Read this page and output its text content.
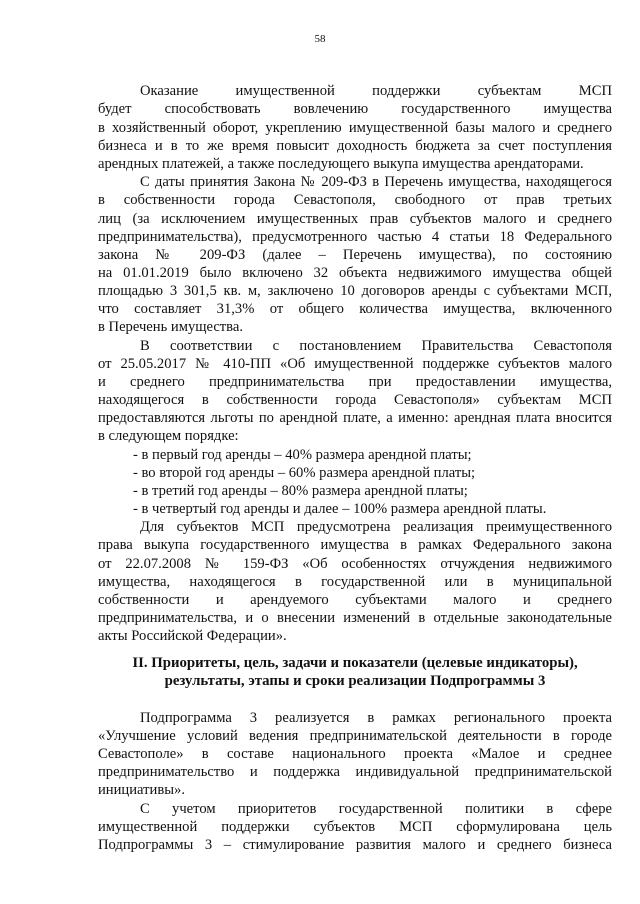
58
Оказание имущественной поддержки субъектам МСП
будет способствовать вовлечению государственного имущества
в хозяйственный оборот, укреплению имущественной базы малого и среднего
бизнеса и в то же время повысит доходность бюджета за счет поступления
арендных платежей, а также последующего выкупа имущества арендаторами.
С даты принятия Закона № 209-ФЗ в Перечень имущества, находящегося
в собственности города Севастополя, свободного от прав третьих
лиц (за исключением имущественных прав субъектов малого и среднего
предпринимательства), предусмотренного частью 4 статьи 18 Федерального
закона № 209-ФЗ (далее – Перечень имущества), по состоянию
на 01.01.2019 было включено 32 объекта недвижимого имущества общей
площадью 3 301,5 кв. м, заключено 10 договоров аренды с субъектами МСП,
что составляет 31,3% от общего количества имущества, включенного
в Перечень имущества.
В соответствии с постановлением Правительства Севастополя
от 25.05.2017 № 410-ПП «Об имущественной поддержке субъектов малого
и среднего предпринимательства при предоставлении имущества,
находящегося в собственности города Севастополя» субъектам МСП
предоставляются льготы по арендной плате, а именно: арендная плата вносится
в следующем порядке:
- в первый год аренды – 40% размера арендной платы;
- во второй год аренды – 60% размера арендной платы;
- в третий год аренды – 80% размера арендной платы;
- в четвертый год аренды и далее – 100% размера арендной платы.
Для субъектов МСП предусмотрена реализация преимущественного
права выкупа государственного имущества в рамках Федерального закона
от 22.07.2008 № 159-ФЗ «Об особенностях отчуждения недвижимого
имущества, находящегося в государственной или в муниципальной
собственности и арендуемого субъектами малого и среднего
предпринимательства, и о внесении изменений в отдельные законодательные
акты Российской Федерации».
II. Приоритеты, цель, задачи и показатели (целевые индикаторы),
результаты, этапы и сроки реализации Подпрограммы 3
Подпрограмма 3 реализуется в рамках регионального проекта
«Улучшение условий ведения предпринимательской деятельности в городе
Севастополе» в составе национального проекта «Малое и среднее
предпринимательство и поддержка индивидуальной предпринимательской
инициативы».
С учетом приоритетов государственной политики в сфере
имущественной поддержки субъектов МСП сформулирована цель
Подпрограммы 3 – стимулирование развития малого и среднего бизнеса
